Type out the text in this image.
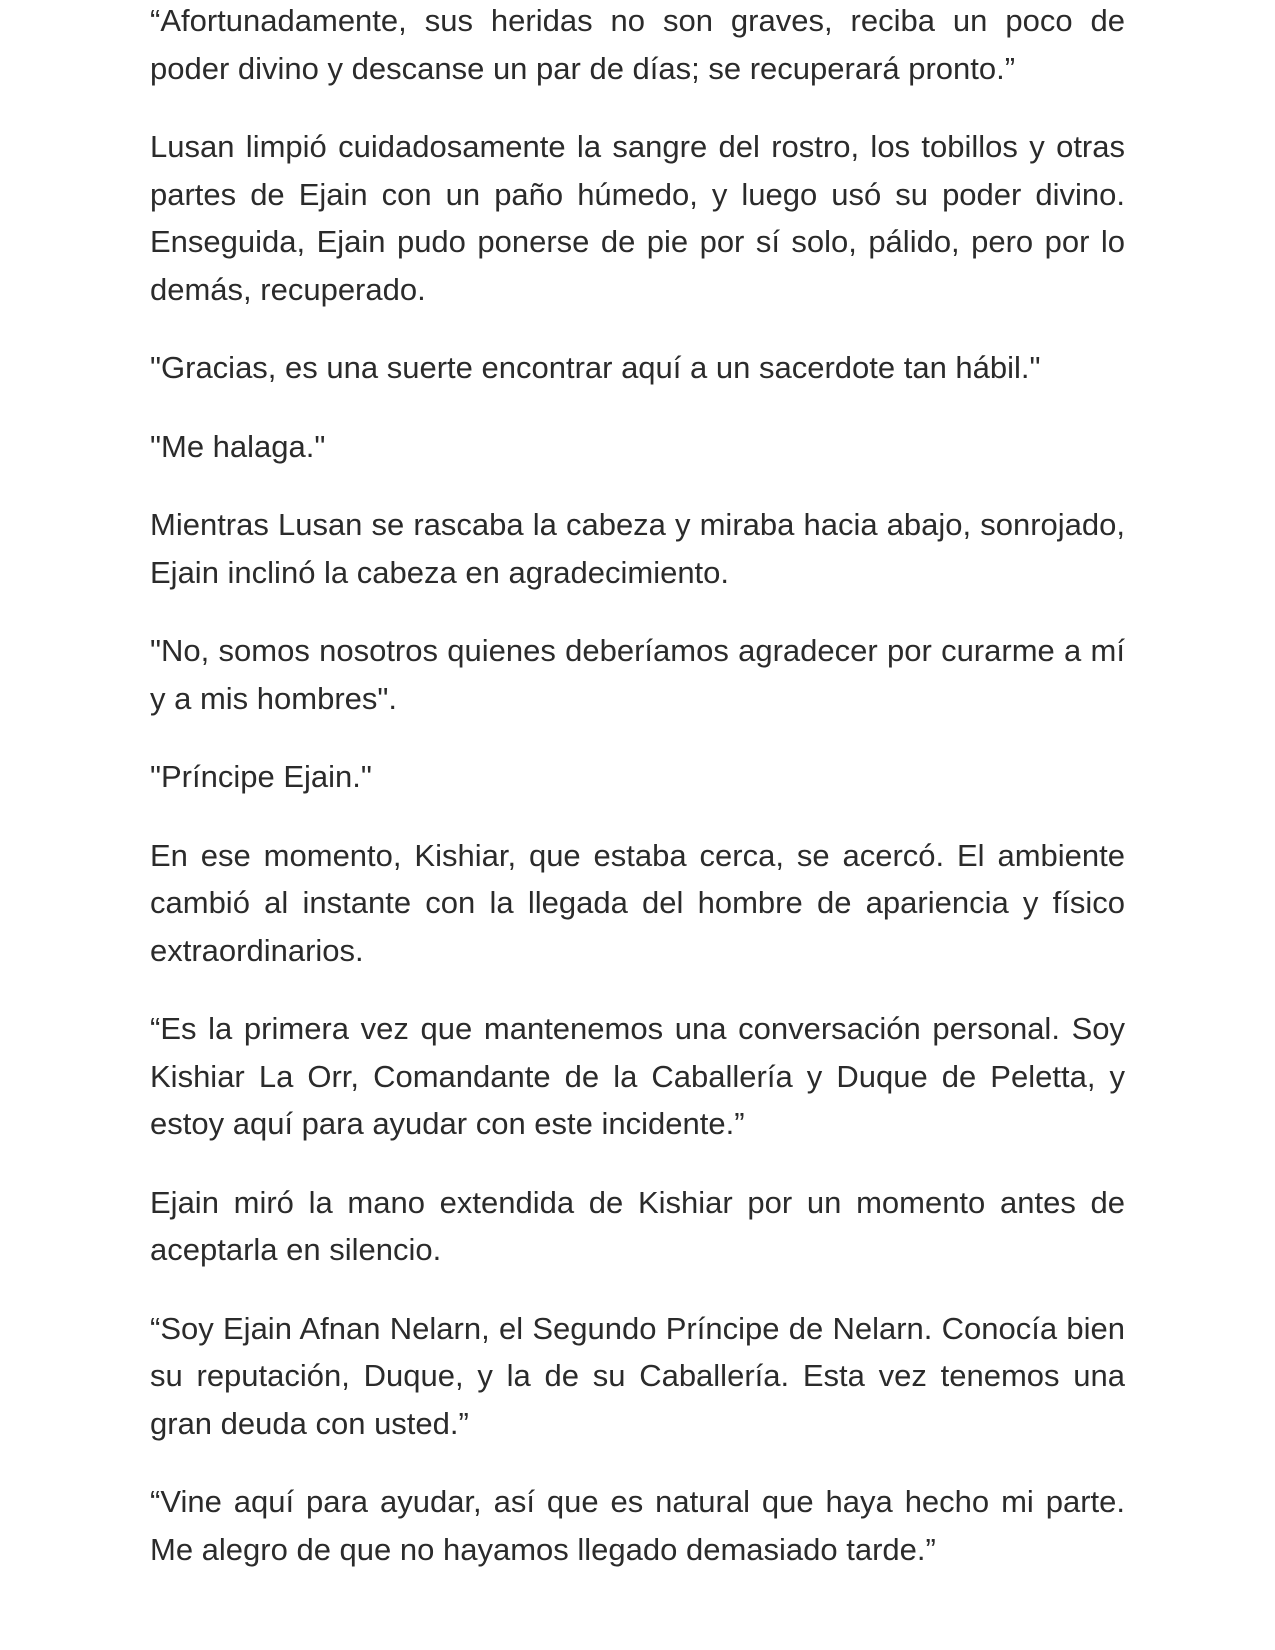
“Afortunadamente, sus heridas no son graves, reciba un poco de poder divino y descanse un par de días; se recuperará pronto.”

Lusan limpió cuidadosamente la sangre del rostro, los tobillos y otras partes de Ejain con un paño húmedo, y luego usó su poder divino. Enseguida, Ejain pudo ponerse de pie por sí solo, pálido, pero por lo demás, recuperado.

"Gracias, es una suerte encontrar aquí a un sacerdote tan hábil."

"Me halaga."

Mientras Lusan se rascaba la cabeza y miraba hacia abajo, sonrojado, Ejain inclinó la cabeza en agradecimiento.

"No, somos nosotros quienes deberíamos agradecer por curarme a mí y a mis hombres".

"Príncipe Ejain."

En ese momento, Kishiar, que estaba cerca, se acercó. El ambiente cambió al instante con la llegada del hombre de apariencia y físico extraordinarios.

“Es la primera vez que mantenemos una conversación personal. Soy Kishiar La Orr, Comandante de la Caballería y Duque de Peletta, y estoy aquí para ayudar con este incidente.”

Ejain miró la mano extendida de Kishiar por un momento antes de aceptarla en silencio.

“Soy Ejain Afnan Nelarn, el Segundo Príncipe de Nelarn. Conocía bien su reputación, Duque, y la de su Caballería. Esta vez tenemos una gran deuda con usted.”

“Vine aquí para ayudar, así que es natural que haya hecho mi parte. Me alegro de que no hayamos llegado demasiado tarde.”
